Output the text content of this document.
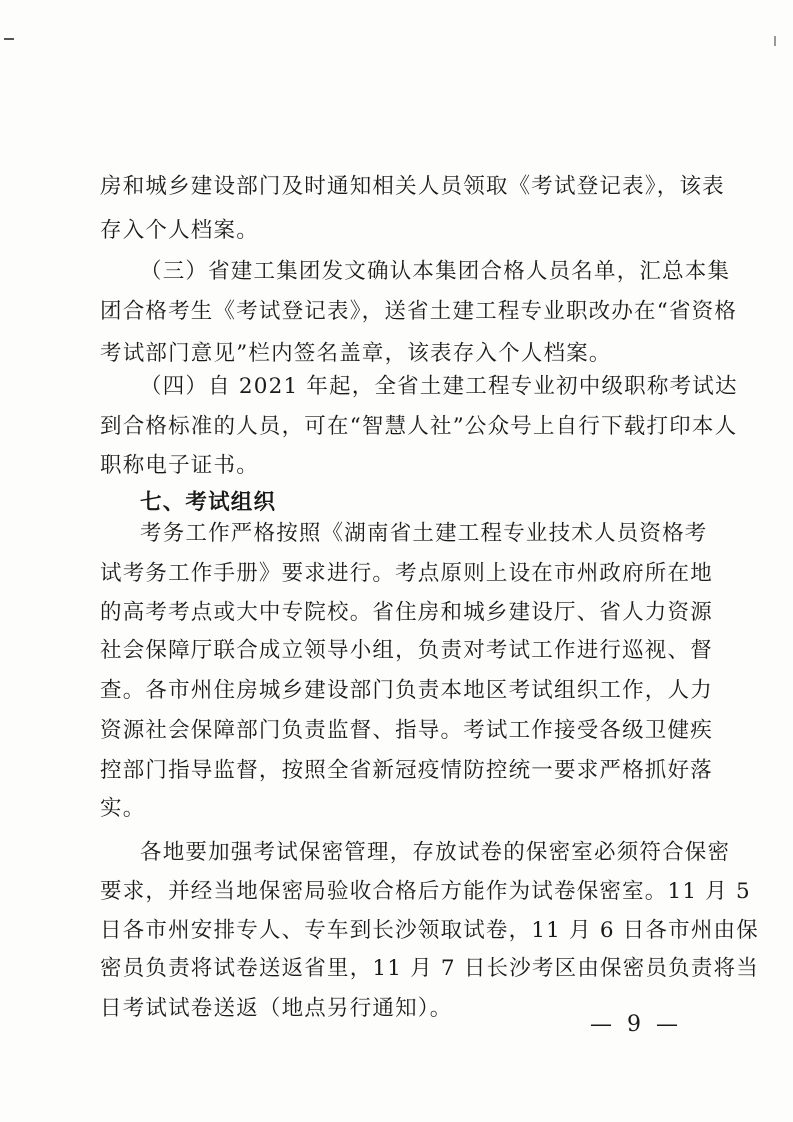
房和城乡建设部门及时通知相关人员领取《考试登记表》，该表
存入个人档案。
（三）省建工集团发文确认本集团合格人员名单，汇总本集
团合格考生《考试登记表》，送省土建工程专业职改办在“省资格
考试部门意见”栏内签名盖章，该表存入个人档案。
（四）自 2021 年起，全省土建工程专业初中级职称考试达
到合格标准的人员，可在“智慧人社”公众号上自行下载打印本人
职称电子证书。
七、考试组织
考务工作严格按照《湖南省土建工程专业技术人员资格考
试考务工作手册》要求进行。考点原则上设在市州政府所在地
的高考考点或大中专院校。省住房和城乡建设厅、省人力资源
社会保障厅联合成立领导小组，负责对考试工作进行巡视、督
查。各市州住房城乡建设部门负责本地区考试组织工作，人力
资源社会保障部门负责监督、指导。考试工作接受各级卫健疾
控部门指导监督，按照全省新冠疫情防控统一要求严格抓好落
实。
各地要加强考试保密管理，存放试卷的保密室必须符合保密
要求，并经当地保密局验收合格后方能作为试卷保密室。11 月 5
日各市州安排专人、专车到长沙领取试卷，11 月 6 日各市州由保
密员负责将试卷送返省里，11 月 7 日长沙考区由保密员负责将当
日考试试卷送返（地点另行通知）。
— 9 —
